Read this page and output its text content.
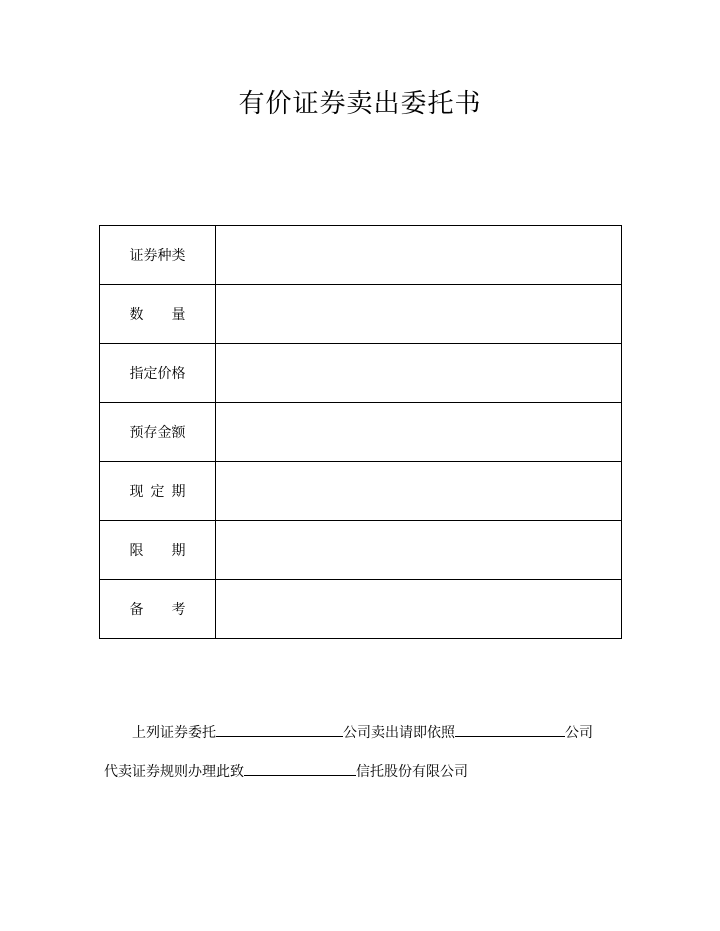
有价证券卖出委托书
证券种类	
数 量	
指定价格	
预存金额	
现定期	
限 期	
备 考	
上列证券委托	公司卖出请即依照	公司
代卖证券规则办理此致	信托股份有限公司
